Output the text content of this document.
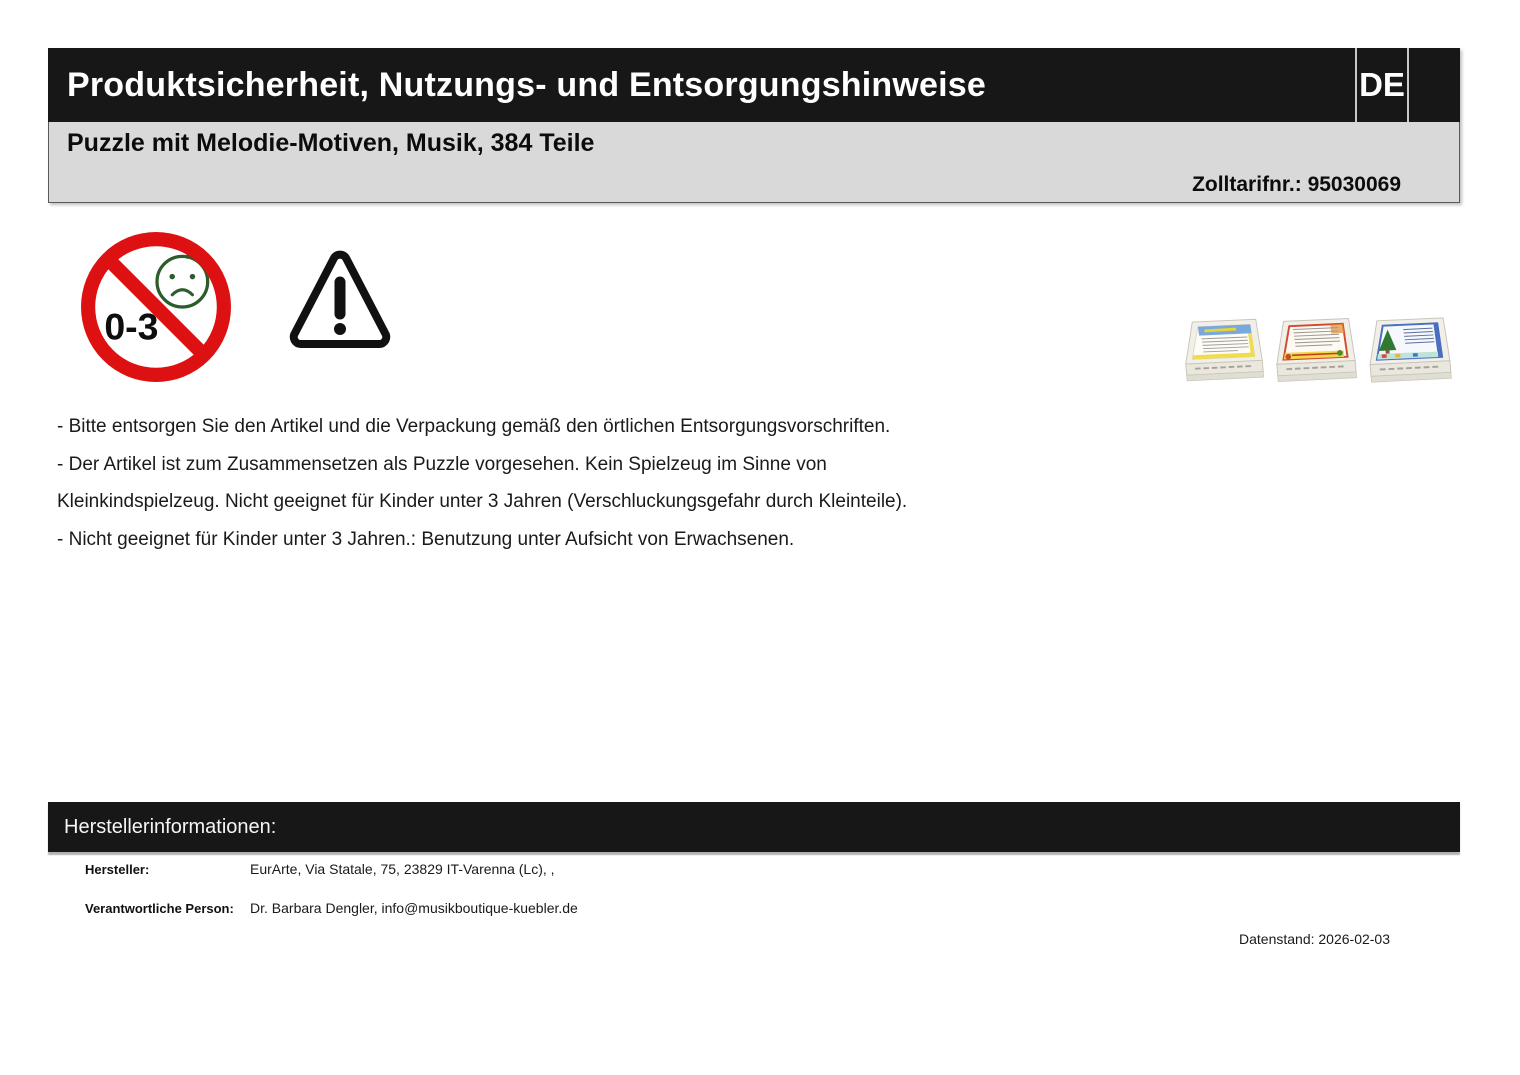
Produktsicherheit, Nutzungs- und Entsorgungshinweise	DE
Puzzle mit Melodie-Motiven, Musik, 384 Teile
Zolltarifnr.: 95030069
0-3
- Bitte entsorgen Sie den Artikel und die Verpackung gemäß den örtlichen Entsorgungsvorschriften.
- Der Artikel ist zum Zusammensetzen als Puzzle vorgesehen. Kein Spielzeug im Sinne von
Kleinkindspielzeug. Nicht geeignet für Kinder unter 3 Jahren (Verschluckungsgefahr durch Kleinteile).
- Nicht geeignet für Kinder unter 3 Jahren.: Benutzung unter Aufsicht von Erwachsenen.
Herstellerinformationen:
Hersteller:	EurArte, Via Statale, 75, 23829 IT-Varenna (Lc), ,
Verantwortliche Person:	Dr. Barbara Dengler, info@musikboutique-kuebler.de
Datenstand: 2026-02-03
